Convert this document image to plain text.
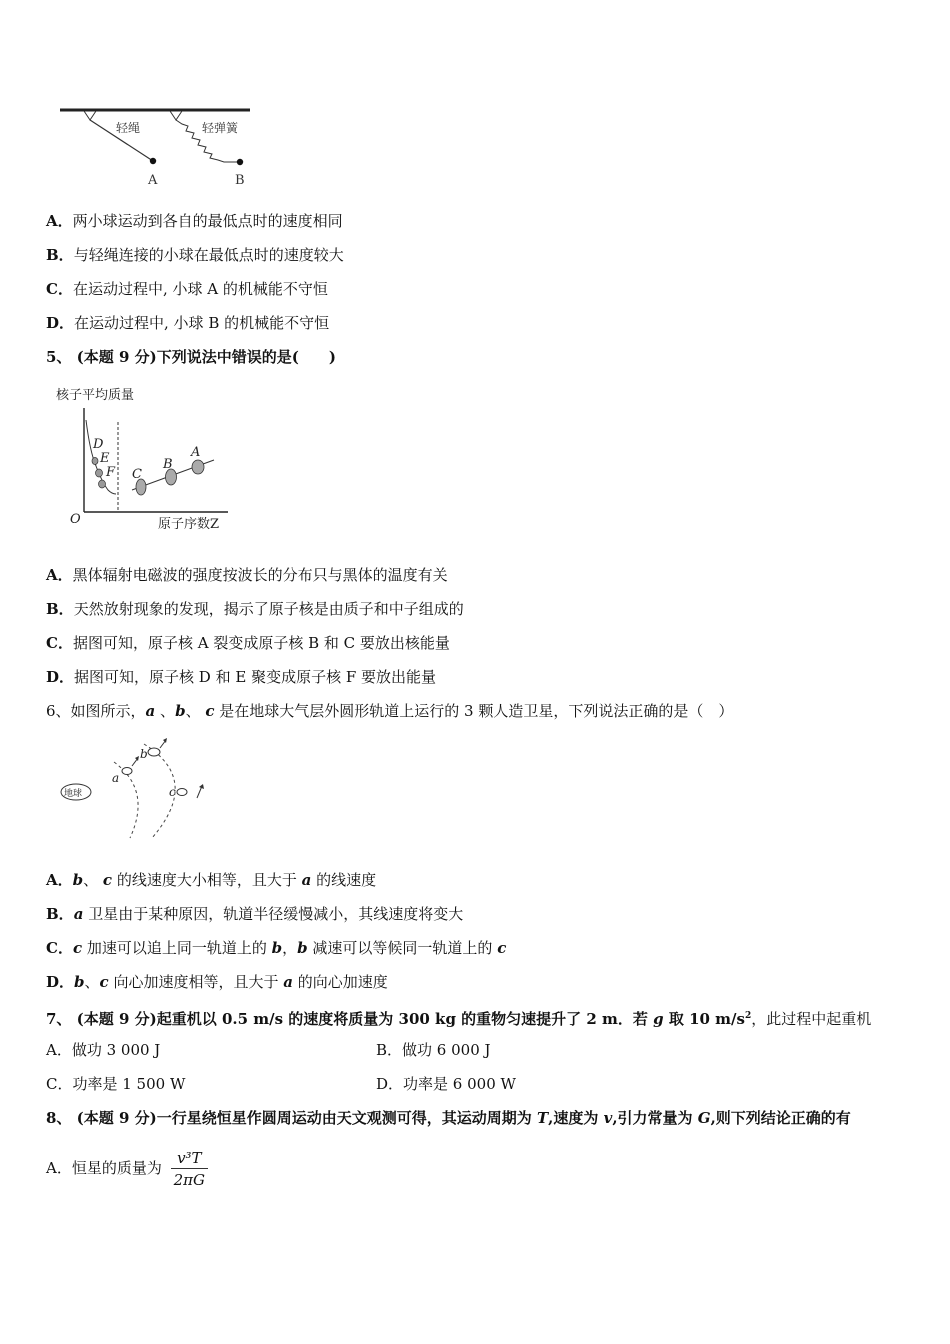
轻绳	轻弹簧
A	B
A．两小球运动到各自的最低点时的速度相同
B．与轻绳连接的小球在最低点时的速度较大
C．在运动过程中, 小球 A 的机械能不守恒
D．在运动过程中, 小球 B 的机械能不守恒
5、 (本题 9 分)下列说法中错误的是(　　)
核子平均质量
O	原子序数Z
D
E
F C
B
A
A．黑体辐射电磁波的强度按波长的分布只与黑体的温度有关
B．天然放射现象的发现，揭示了原子核是由质子和中子组成的
C．据图可知，原子核 A 裂变成原子核 B 和 C 要放出核能量
D．据图可知，原子核 D 和 E 聚变成原子核 F 要放出能量
6、如图所示，a 、b、 c 是在地球大气层外圆形轨道上运行的 3 颗人造卫星，下列说法正确的是（　）
地球
a
b
c
A．b、 c 的线速度大小相等，且大于 a 的线速度
B．a 卫星由于某种原因，轨道半径缓慢减小，其线速度将变大
C．c 加速可以追上同一轨道上的 b，b 减速可以等候同一轨道上的 c
D．b、c 向心加速度相等，且大于 a 的向心加速度
7、 (本题 9 分)起重机以 0.5 m/s 的速度将质量为 300 kg 的重物匀速提升了 2 m．若 g 取 10 $m/s^2$，此过程中起重机
A．做功 3 000 J	B．做功 6 000 J
C．功率是 1 500 W	D．功率是 6 000 W
8、 (本题 9 分)一行星绕恒星作圆周运动由天文观测可得，其运动周期为 T,速度为 v,引力常量为 G,则下列结论正确的有
A．恒星的质量为 $\frac{\text{v³T}}{2\pi G}$
